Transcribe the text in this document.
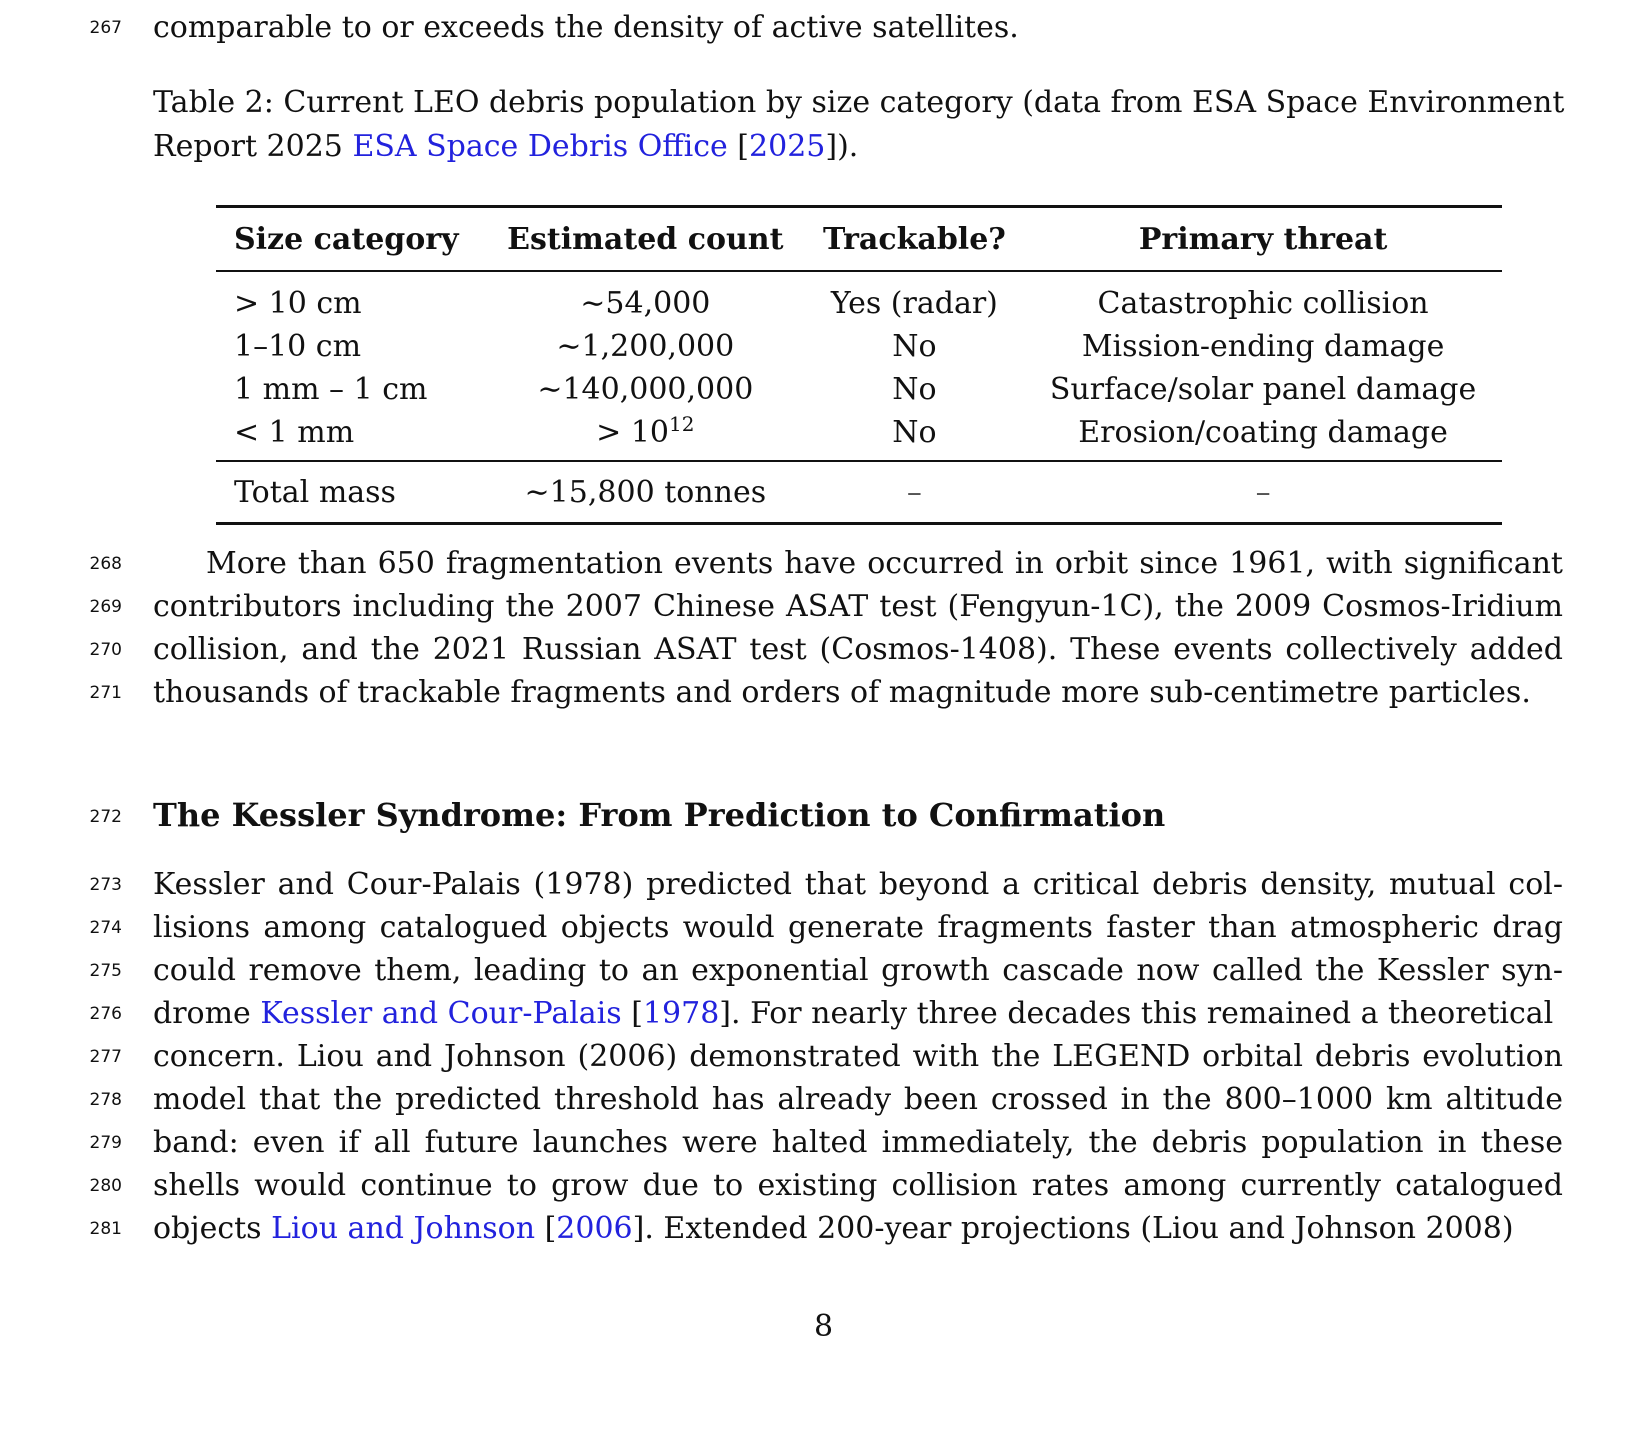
267 comparable to or exceeds the density of active satellites.
Table 2: Current LEO debris population by size category (data from ESA Space Environment
Report 2025 ESA Space Debris Office [2025]).
Size category	Estimated count	Trackable?	Primary threat
> 10 cm	∼54,000	Yes (radar)	Catastrophic collision
1–10 cm	∼1,200,000	No	Mission-ending damage
1 mm – 1 cm	∼140,000,000	No	Surface/solar panel damage
< 1 mm	> $10^{12}$	No	Erosion/coating damage
Total mass	∼15,800 tonnes	–	–
268	More than 650 fragmentation events have occurred in orbit since 1961, with significant
269 contributors including the 2007 Chinese ASAT test (Fengyun-1C), the 2009 Cosmos-Iridium
270 collision, and the 2021 Russian ASAT test (Cosmos-1408). These events collectively added
271 thousands of trackable fragments and orders of magnitude more sub-centimetre particles.
272 The Kessler Syndrome: From Prediction to Confirmation
273 Kessler and Cour-Palais (1978) predicted that beyond a critical debris density, mutual col-
274 lisions among catalogued objects would generate fragments faster than atmospheric drag
275 could remove them, leading to an exponential growth cascade now called the Kessler syn-
276 drome Kessler and Cour-Palais [1978]. For nearly three decades this remained a theoretical
277 concern. Liou and Johnson (2006) demonstrated with the LEGEND orbital debris evolution
278 model that the predicted threshold has already been crossed in the 800–1000 km altitude
279 band: even if all future launches were halted immediately, the debris population in these
280 shells would continue to grow due to existing collision rates among currently catalogued
281 objects Liou and Johnson [2006]. Extended 200-year projections (Liou and Johnson 2008)
8
